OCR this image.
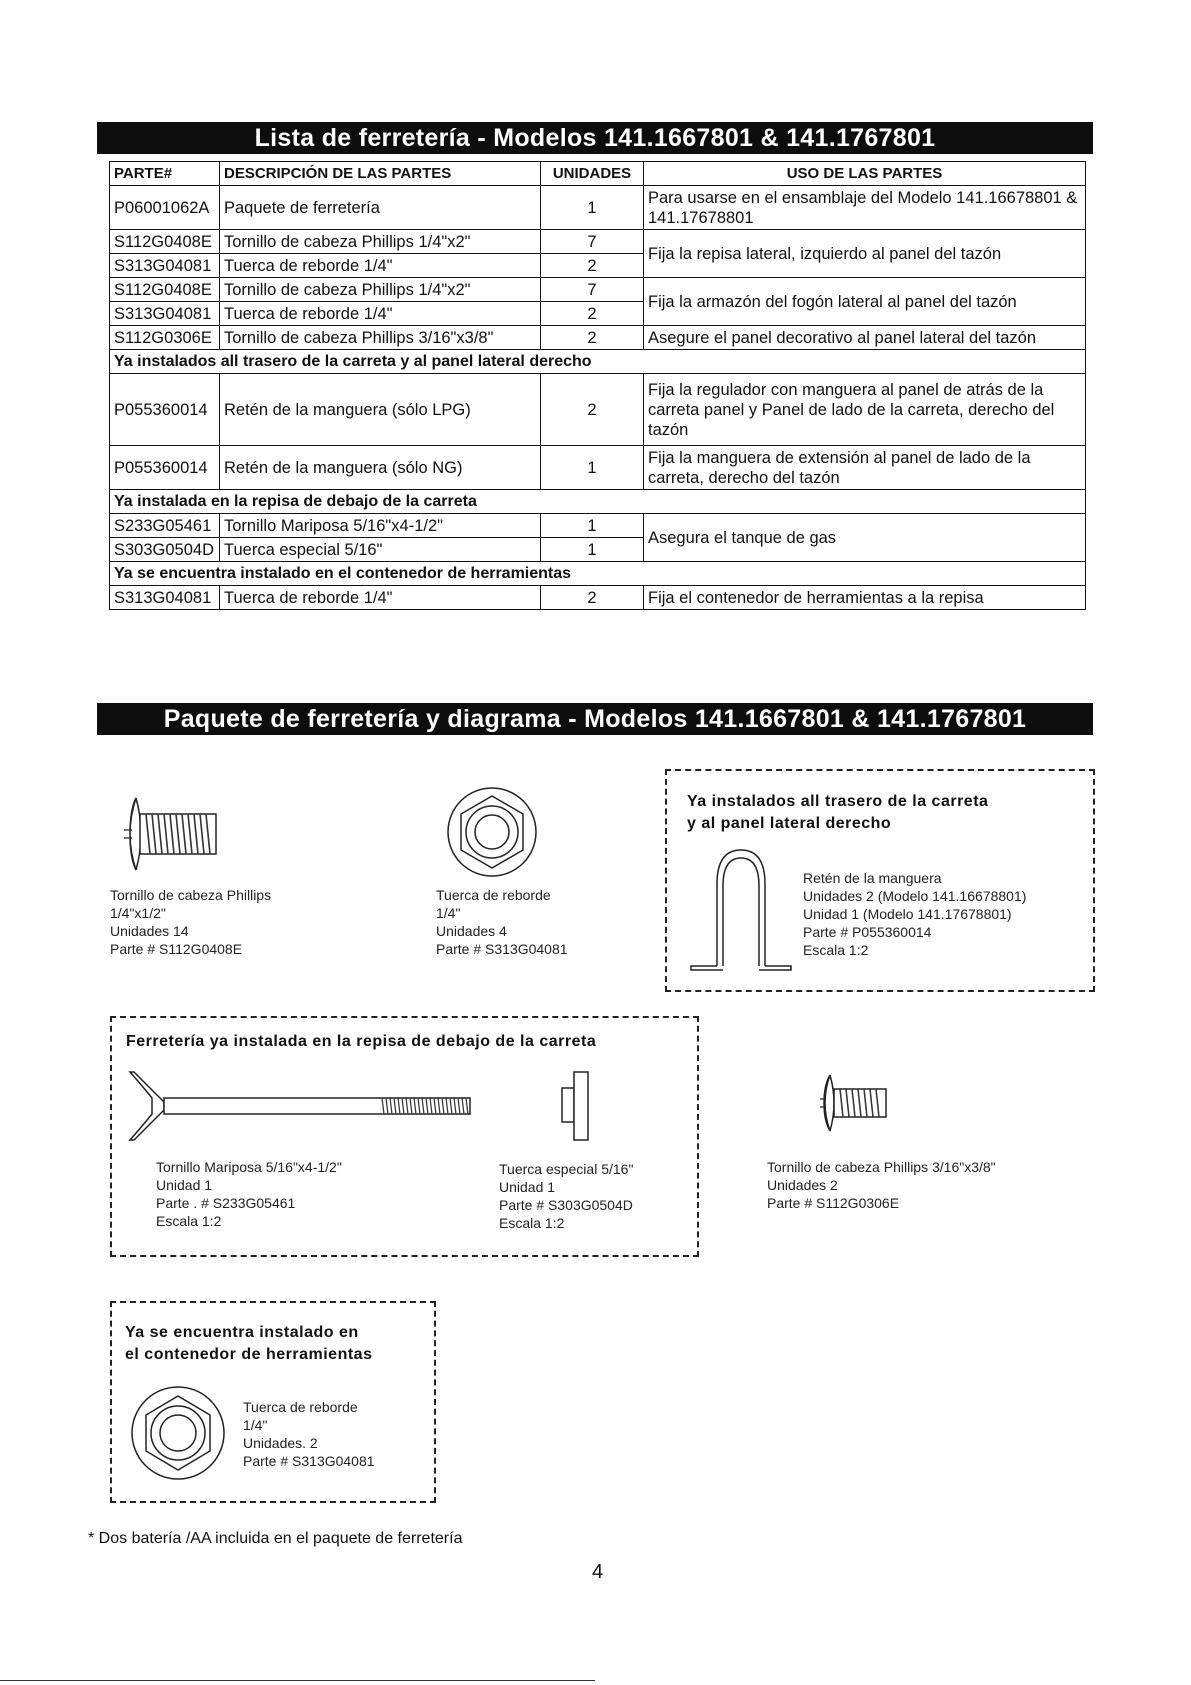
Lista de ferretería - Modelos 141.1667801 & 141.1767801
PARTE#	DESCRIPCIÓN DE LAS PARTES	UNIDADES	USO DE LAS PARTES
P06001062A	Paquete de ferretería	1	Para usarse en el ensamblaje del Modelo 141.16678801 & 141.17678801
S112G0408E	Tornillo de cabeza Phillips 1/4"x2"	7	Fija la repisa lateral, izquierdo al panel del tazón
S313G04081	Tuerca de reborde 1/4"	2	
S112G0408E	Tornillo de cabeza Phillips 1/4"x2"	7	Fija la armazón del fogón lateral al panel del tazón
S313G04081	Tuerca de reborde 1/4"	2	
S112G0306E	Tornillo de cabeza Phillips 3/16"x3/8"	2	Asegure el panel decorativo al panel lateral del tazón
Ya instalados all trasero de la carreta y al panel lateral derecho			
P055360014	Retén de la manguera (sólo LPG)	2	Fija la regulador con manguera al panel de atrás de la carreta panel y Panel de lado de la carreta, derecho del tazón
P055360014	Retén de la manguera (sólo NG)	1	Fija la manguera de extensión al panel de lado de la carreta, derecho del tazón
Ya instalada en la repisa de debajo de la carreta			
S233G05461	Tornillo Mariposa 5/16"x4-1/2"	1	Asegura el tanque de gas
S303G0504D	Tuerca especial 5/16"	1	
Ya se encuentra instalado en el contenedor de herramientas			
S313G04081	Tuerca de reborde 1/4"	2	Fija el contenedor de herramientas a la repisa
Paquete de ferretería y diagrama - Modelos 141.1667801 & 141.1767801
Tornillo de cabeza Phillips
1/4"x1/2"
Unidades 14
Parte # S112G0408E
Tuerca de reborde
1/4"
Unidades 4
Parte # S313G04081
Ya instalados all trasero de la carreta
y al panel lateral derecho
Retén de la manguera
Unidades 2 (Modelo 141.16678801)
Unidad 1 (Modelo 141.17678801)
Parte # P055360014
Escala 1:2
Ferretería ya instalada en la repisa de debajo de la carreta
Tornillo Mariposa 5/16"x4-1/2"
Unidad 1
Parte . # S233G05461
Escala 1:2
Tuerca especial 5/16"
Unidad 1
Parte # S303G0504D
Escala 1:2
Tornillo de cabeza Phillips 3/16"x3/8"
Unidades 2
Parte # S112G0306E
Ya se encuentra instalado en
el contenedor de herramientas
Tuerca de reborde
1/4"
Unidades. 2
Parte # S313G04081
* Dos batería /AA incluida en el paquete de ferretería
4
